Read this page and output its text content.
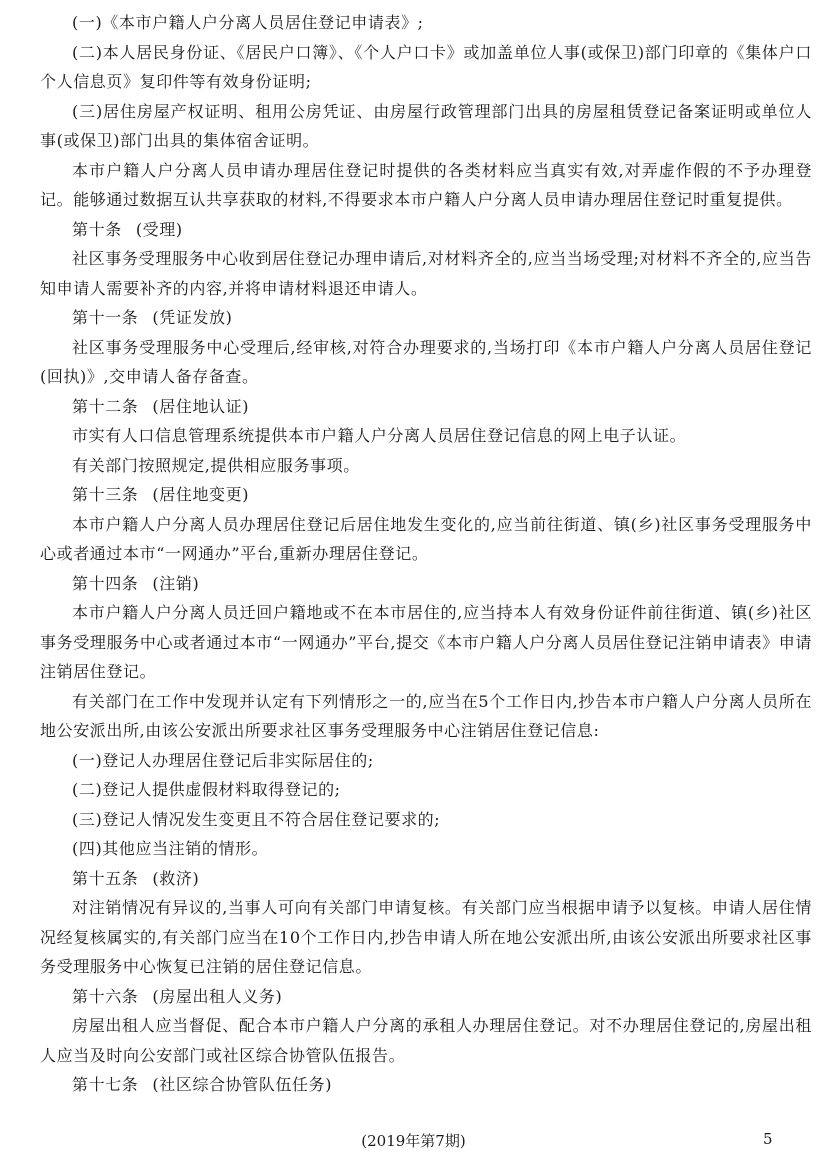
(一)《本市户籍人户分离人员居住登记申请表》;

(二)本人居民身份证、《居民户口簿》、《个人户口卡》或加盖单位人事(或保卫)部门印章的《集体户口个人信息页》复印件等有效身份证明;

(三)居住房屋产权证明、租用公房凭证、由房屋行政管理部门出具的房屋租赁登记备案证明或单位人事(或保卫)部门出具的集体宿舍证明。

本市户籍人户分离人员申请办理居住登记时提供的各类材料应当真实有效,对弄虚作假的不予办理登记。能够通过数据互认共享获取的材料,不得要求本市户籍人户分离人员申请办理居住登记时重复提供。

第十条 (受理)

社区事务受理服务中心收到居住登记办理申请后,对材料齐全的,应当当场受理;对材料不齐全的,应当告知申请人需要补齐的内容,并将申请材料退还申请人。

第十一条 (凭证发放)

社区事务受理服务中心受理后,经审核,对符合办理要求的,当场打印《本市户籍人户分离人员居住登记(回执)》,交申请人备存备查。

第十二条 (居住地认证)

市实有人口信息管理系统提供本市户籍人户分离人员居住登记信息的网上电子认证。

有关部门按照规定,提供相应服务事项。

第十三条 (居住地变更)

本市户籍人户分离人员办理居住登记后居住地发生变化的,应当前往街道、镇(乡)社区事务受理服务中心或者通过本市“一网通办”平台,重新办理居住登记。

第十四条 (注销)

本市户籍人户分离人员迁回户籍地或不在本市居住的,应当持本人有效身份证件前往街道、镇(乡)社区事务受理服务中心或者通过本市“一网通办”平台,提交《本市户籍人户分离人员居住登记注销申请表》申请注销居住登记。

有关部门在工作中发现并认定有下列情形之一的,应当在5个工作日内,抄告本市户籍人户分离人员所在地公安派出所,由该公安派出所要求社区事务受理服务中心注销居住登记信息:

(一)登记人办理居住登记后非实际居住的;

(二)登记人提供虚假材料取得登记的;

(三)登记人情况发生变更且不符合居住登记要求的;

(四)其他应当注销的情形。

第十五条 (救济)

对注销情况有异议的,当事人可向有关部门申请复核。有关部门应当根据申请予以复核。申请人居住情况经复核属实的,有关部门应当在10个工作日内,抄告申请人所在地公安派出所,由该公安派出所要求社区事务受理服务中心恢复已注销的居住登记信息。

第十六条 (房屋出租人义务)

房屋出租人应当督促、配合本市户籍人户分离的承租人办理居住登记。对不办理居住登记的,房屋出租人应当及时向公安部门或社区综合协管队伍报告。

第十七条 (社区综合协管队伍任务)

(2019年第7期)	5
